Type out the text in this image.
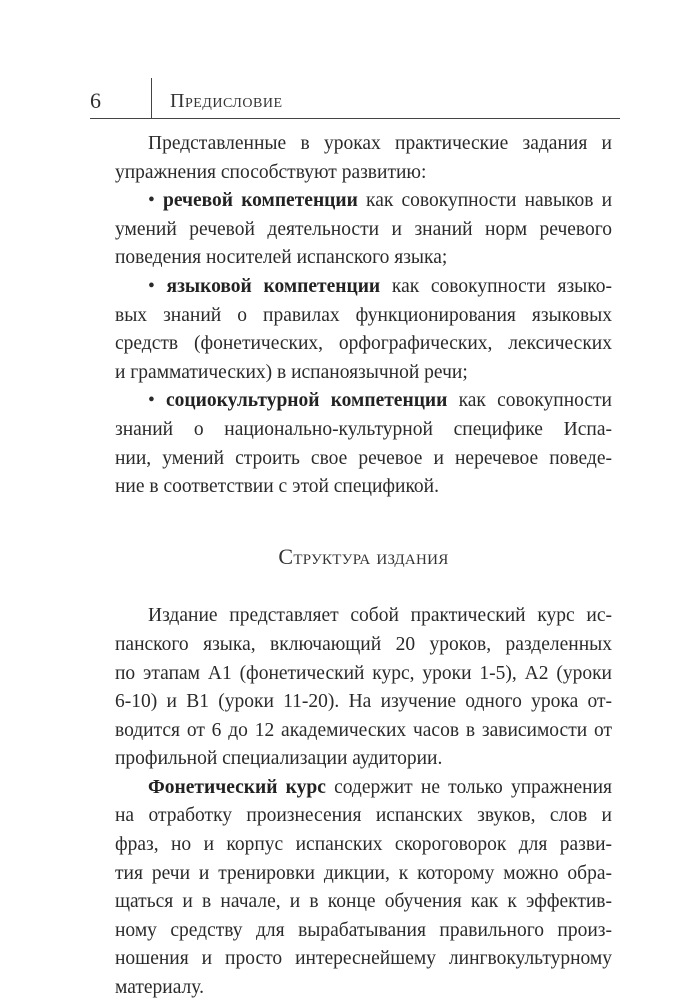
6	Предисловие
Представленные в уроках практические задания и
упражнения способствуют развитию:
• речевой компетенции как совокупности навыков и
умений речевой деятельности и знаний норм речевого
поведения носителей испанского языка;
• языковой компетенции как совокупности языко-
вых знаний о правилах функционирования языковых
средств (фонетических, орфографических, лексических
и грамматических) в испаноязычной речи;
• социокультурной компетенции как совокупности
знаний о национально-культурной специфике Испа-
нии, умений строить свое речевое и неречевое поведе-
ние в соответствии с этой спецификой.
Структура издания
Издание представляет собой практический курс ис-
панского языка, включающий 20 уроков, разделенных
по этапам А1 (фонетический курс, уроки 1-5), А2 (уроки
6-10) и В1 (уроки 11-20). На изучение одного урока от-
водится от 6 до 12 академических часов в зависимости от
профильной специализации аудитории.
Фонетический курс содержит не только упражнения
на отработку произнесения испанских звуков, слов и
фраз, но и корпус испанских скороговорок для разви-
тия речи и тренировки дикции, к которому можно обра-
щаться и в начале, и в конце обучения как к эффектив-
ному средству для вырабатывания правильного произ-
ношения и просто интереснейшему лингвокультурному
материалу.
